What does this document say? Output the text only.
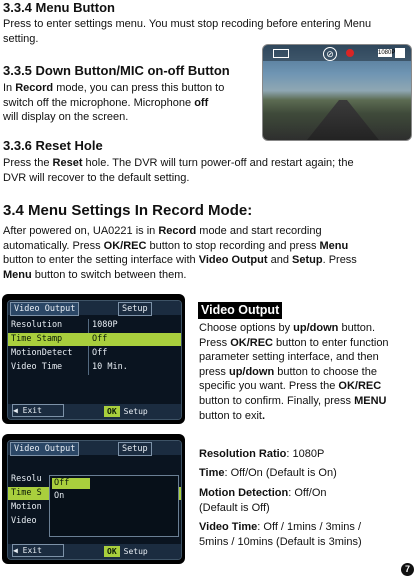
3.3.4 Menu Button

Press to enter settings menu. You must stop recoding before entering Menu setting.

3.3.5 Down Button/MIC on-off Button

In Record mode, you can press this button to
switch off the microphone. Microphone off
will display on the screen.

⊘	1080P
3.3.6 Reset Hole

Press the Reset hole. The DVR will turn power-off and restart again; the
DVR will recover to the default setting.

3.4 Menu Settings In Record Mode:

After powered on, UA0221 is in Record mode and start recording
automatically. Press OK/REC button to stop recording and press Menu
button to enter the setting interface with Video Output and Setup. Press
Menu button to switch between them.

Video Output	Setup
Resolution	1080P
Time Stamp	Off
MotionDetect Off
Video Time	10 Min.
◀ Exit	OK Setup
Video Output

Choose options by up/down button.
Press OK/REC button to enter function
parameter setting interface, and then
press up/down button to choose the
specific you want. Press the OK/REC
button to confirm. Finally, press MENU
button to exit.

Video Output	Setup
Resolu
Time S
Motion
Video
Off
On
◀ Exit	OK Setup

Resolution Ratio: 1080P

Time: Off/On (Default is On)

Motion Detection: Off/On
(Default is Off)

Video Time: Off / 1mins / 3mins /
5mins / 10mins (Default is 3mins)

7
